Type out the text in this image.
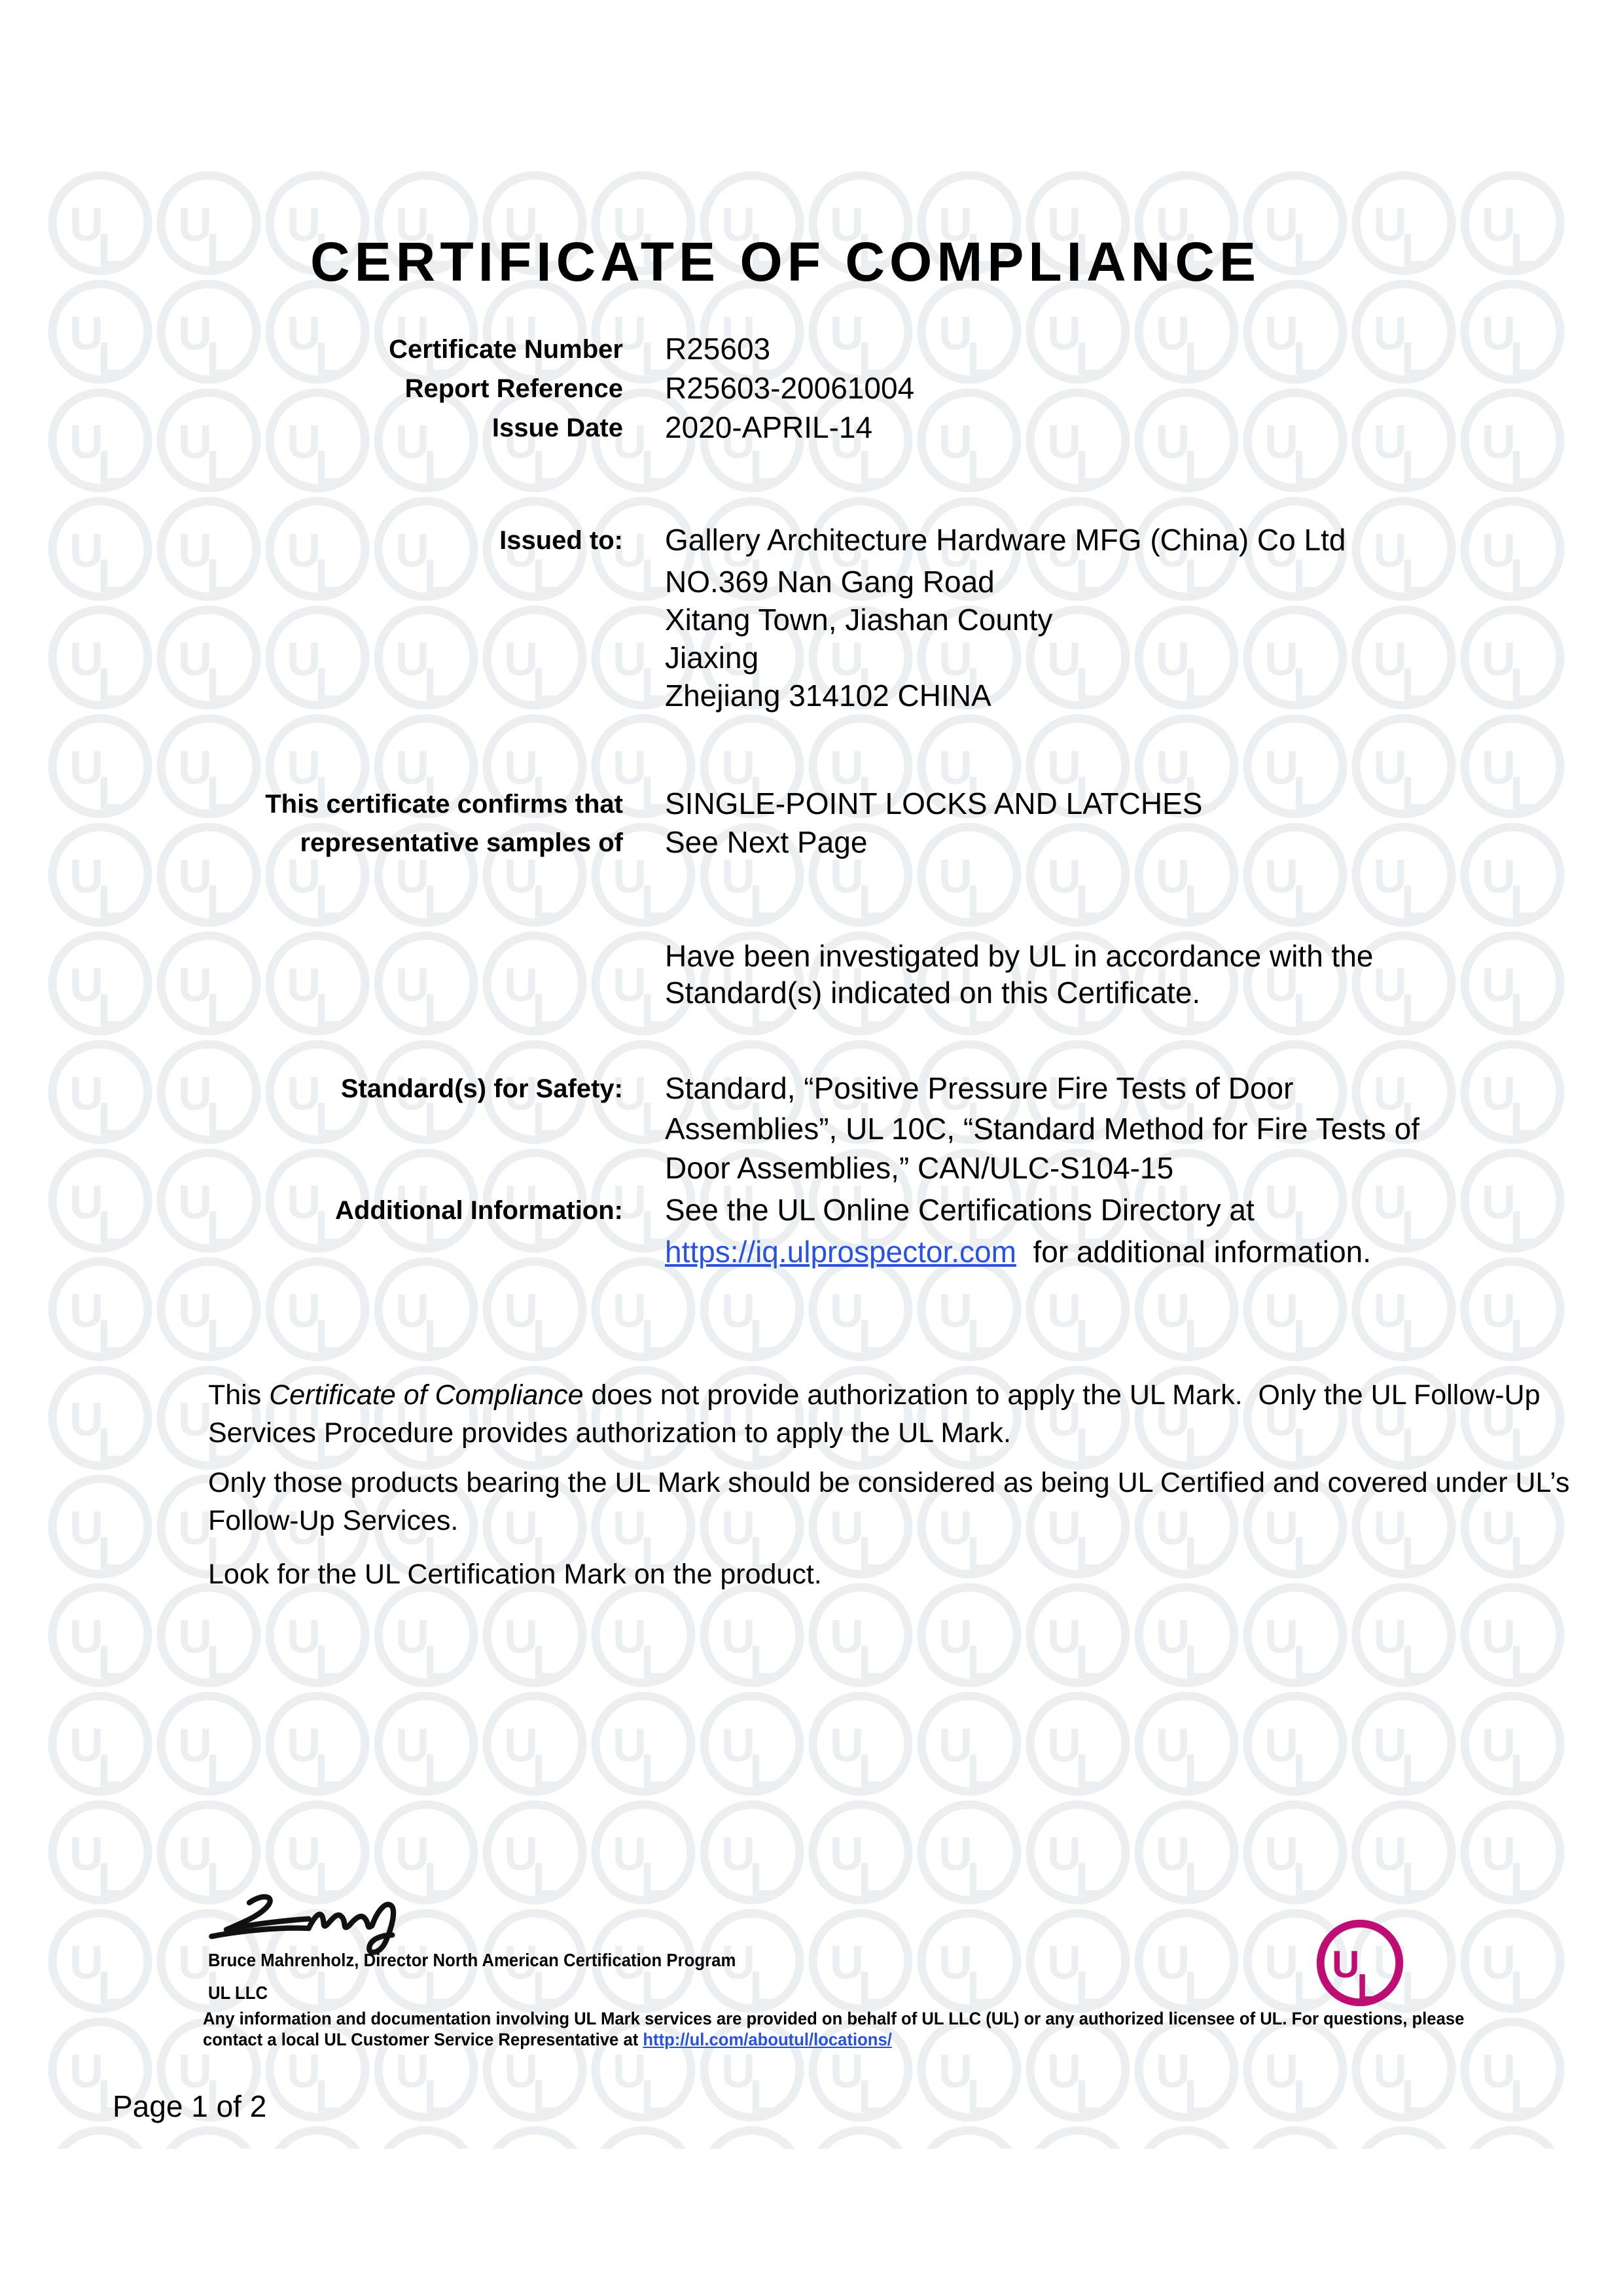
CERTIFICATE OF COMPLIANCE
Certificate Number R25603
Report Reference R25603-20061004
Issue Date 2020-APRIL-14
Issued to: Gallery Architecture Hardware MFG (China) Co Ltd
NO.369 Nan Gang Road
Xitang Town, Jiashan County
Jiaxing
Zhejiang 314102 CHINA
This certificate confirms that
representative samples of
SINGLE-POINT LOCKS AND LATCHES
See Next Page
Have been investigated by UL in accordance with the
Standard(s) indicated on this Certificate.
Standard(s) for Safety: Standard, “Positive Pressure Fire Tests of Door
Assemblies”, UL 10C, “Standard Method for Fire Tests of
Door Assemblies,” CAN/ULC-S104-15
Additional Information: See the UL Online Certifications Directory at
https://iq.ulprospector.com  for additional information.
This Certificate of Compliance does not provide authorization to apply the UL Mark.  Only the UL Follow-Up
Services Procedure provides authorization to apply the UL Mark.
Only those products bearing the UL Mark should be considered as being UL Certified and covered under UL’s
Follow-Up Services.
Look for the UL Certification Mark on the product.
Bruce Mahrenholz, Director North American Certification Program
UL LLC
Any information and documentation involving UL Mark services are provided on behalf of UL LLC (UL) or any authorized licensee of UL. For questions, please
contact a local UL Customer Service Representative at http://ul.com/aboutul/locations/
Page 1 of 2
U
L
